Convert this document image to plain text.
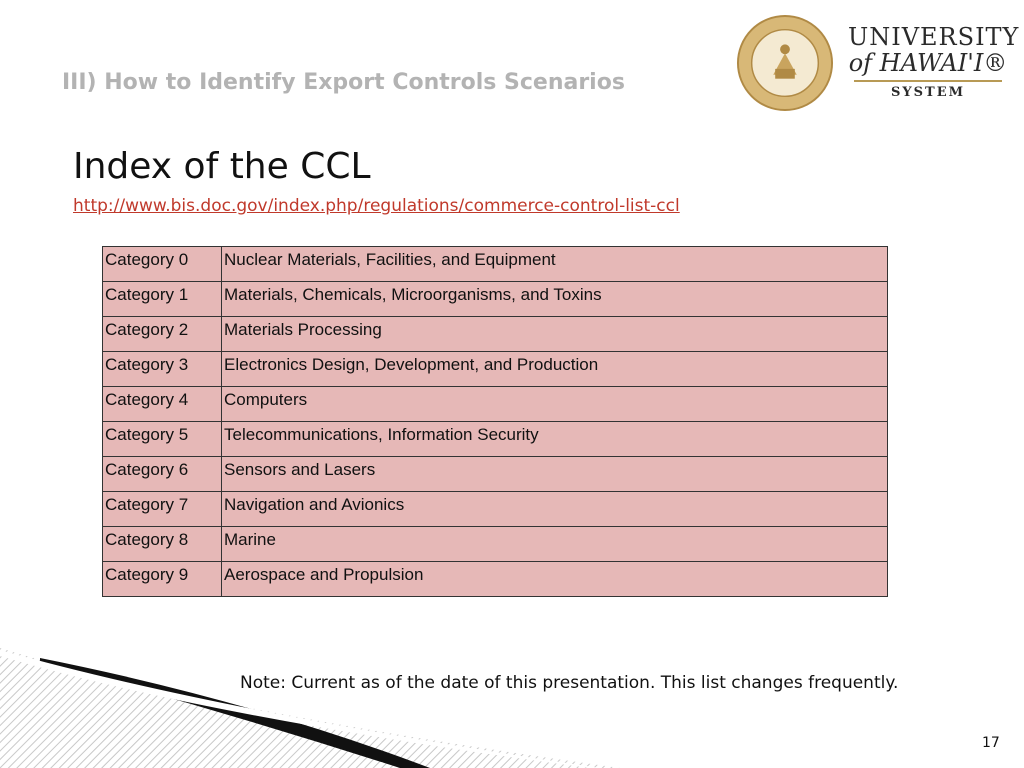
III) How to Identify Export Controls Scenarios
UNIVERSITY
of HAWAI'I®
SYSTEM
Index of the CCL
http://www.bis.doc.gov/index.php/regulations/commerce-control-list-ccl
Category 0	Nuclear Materials, Facilities, and Equipment
Category 1	Materials, Chemicals, Microorganisms, and Toxins
Category 2	Materials Processing
Category 3	Electronics Design, Development, and Production
Category 4	Computers
Category 5	Telecommunications, Information Security
Category 6	Sensors and Lasers
Category 7	Navigation and Avionics
Category 8	Marine
Category 9	Aerospace and Propulsion
Note: Current as of the date of this presentation. This list changes frequently.
17
